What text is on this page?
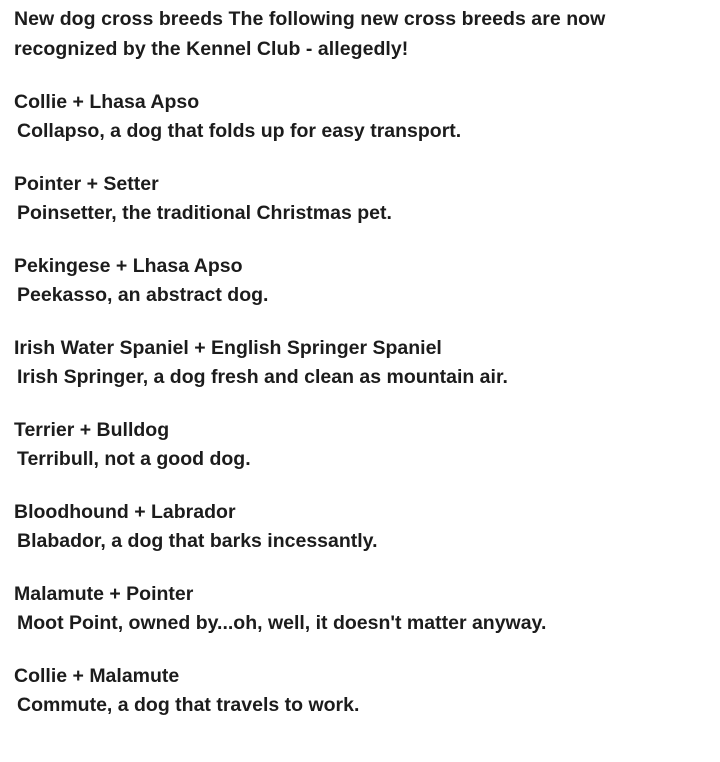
New dog cross breeds The following new cross breeds are now
recognized by the Kennel Club - allegedly!
Collie + Lhasa Apso
Collapso, a dog that folds up for easy transport.
Pointer + Setter
Poinsetter, the traditional Christmas pet.
Pekingese + Lhasa Apso
Peekasso, an abstract dog.
Irish Water Spaniel + English Springer Spaniel
Irish Springer, a dog fresh and clean as mountain air.
Terrier + Bulldog
Terribull, not a good dog.
Bloodhound + Labrador
Blabador, a dog that barks incessantly.
Malamute + Pointer
Moot Point, owned by...oh, well, it doesn't matter anyway.
Collie + Malamute
Commute, a dog that travels to work.
